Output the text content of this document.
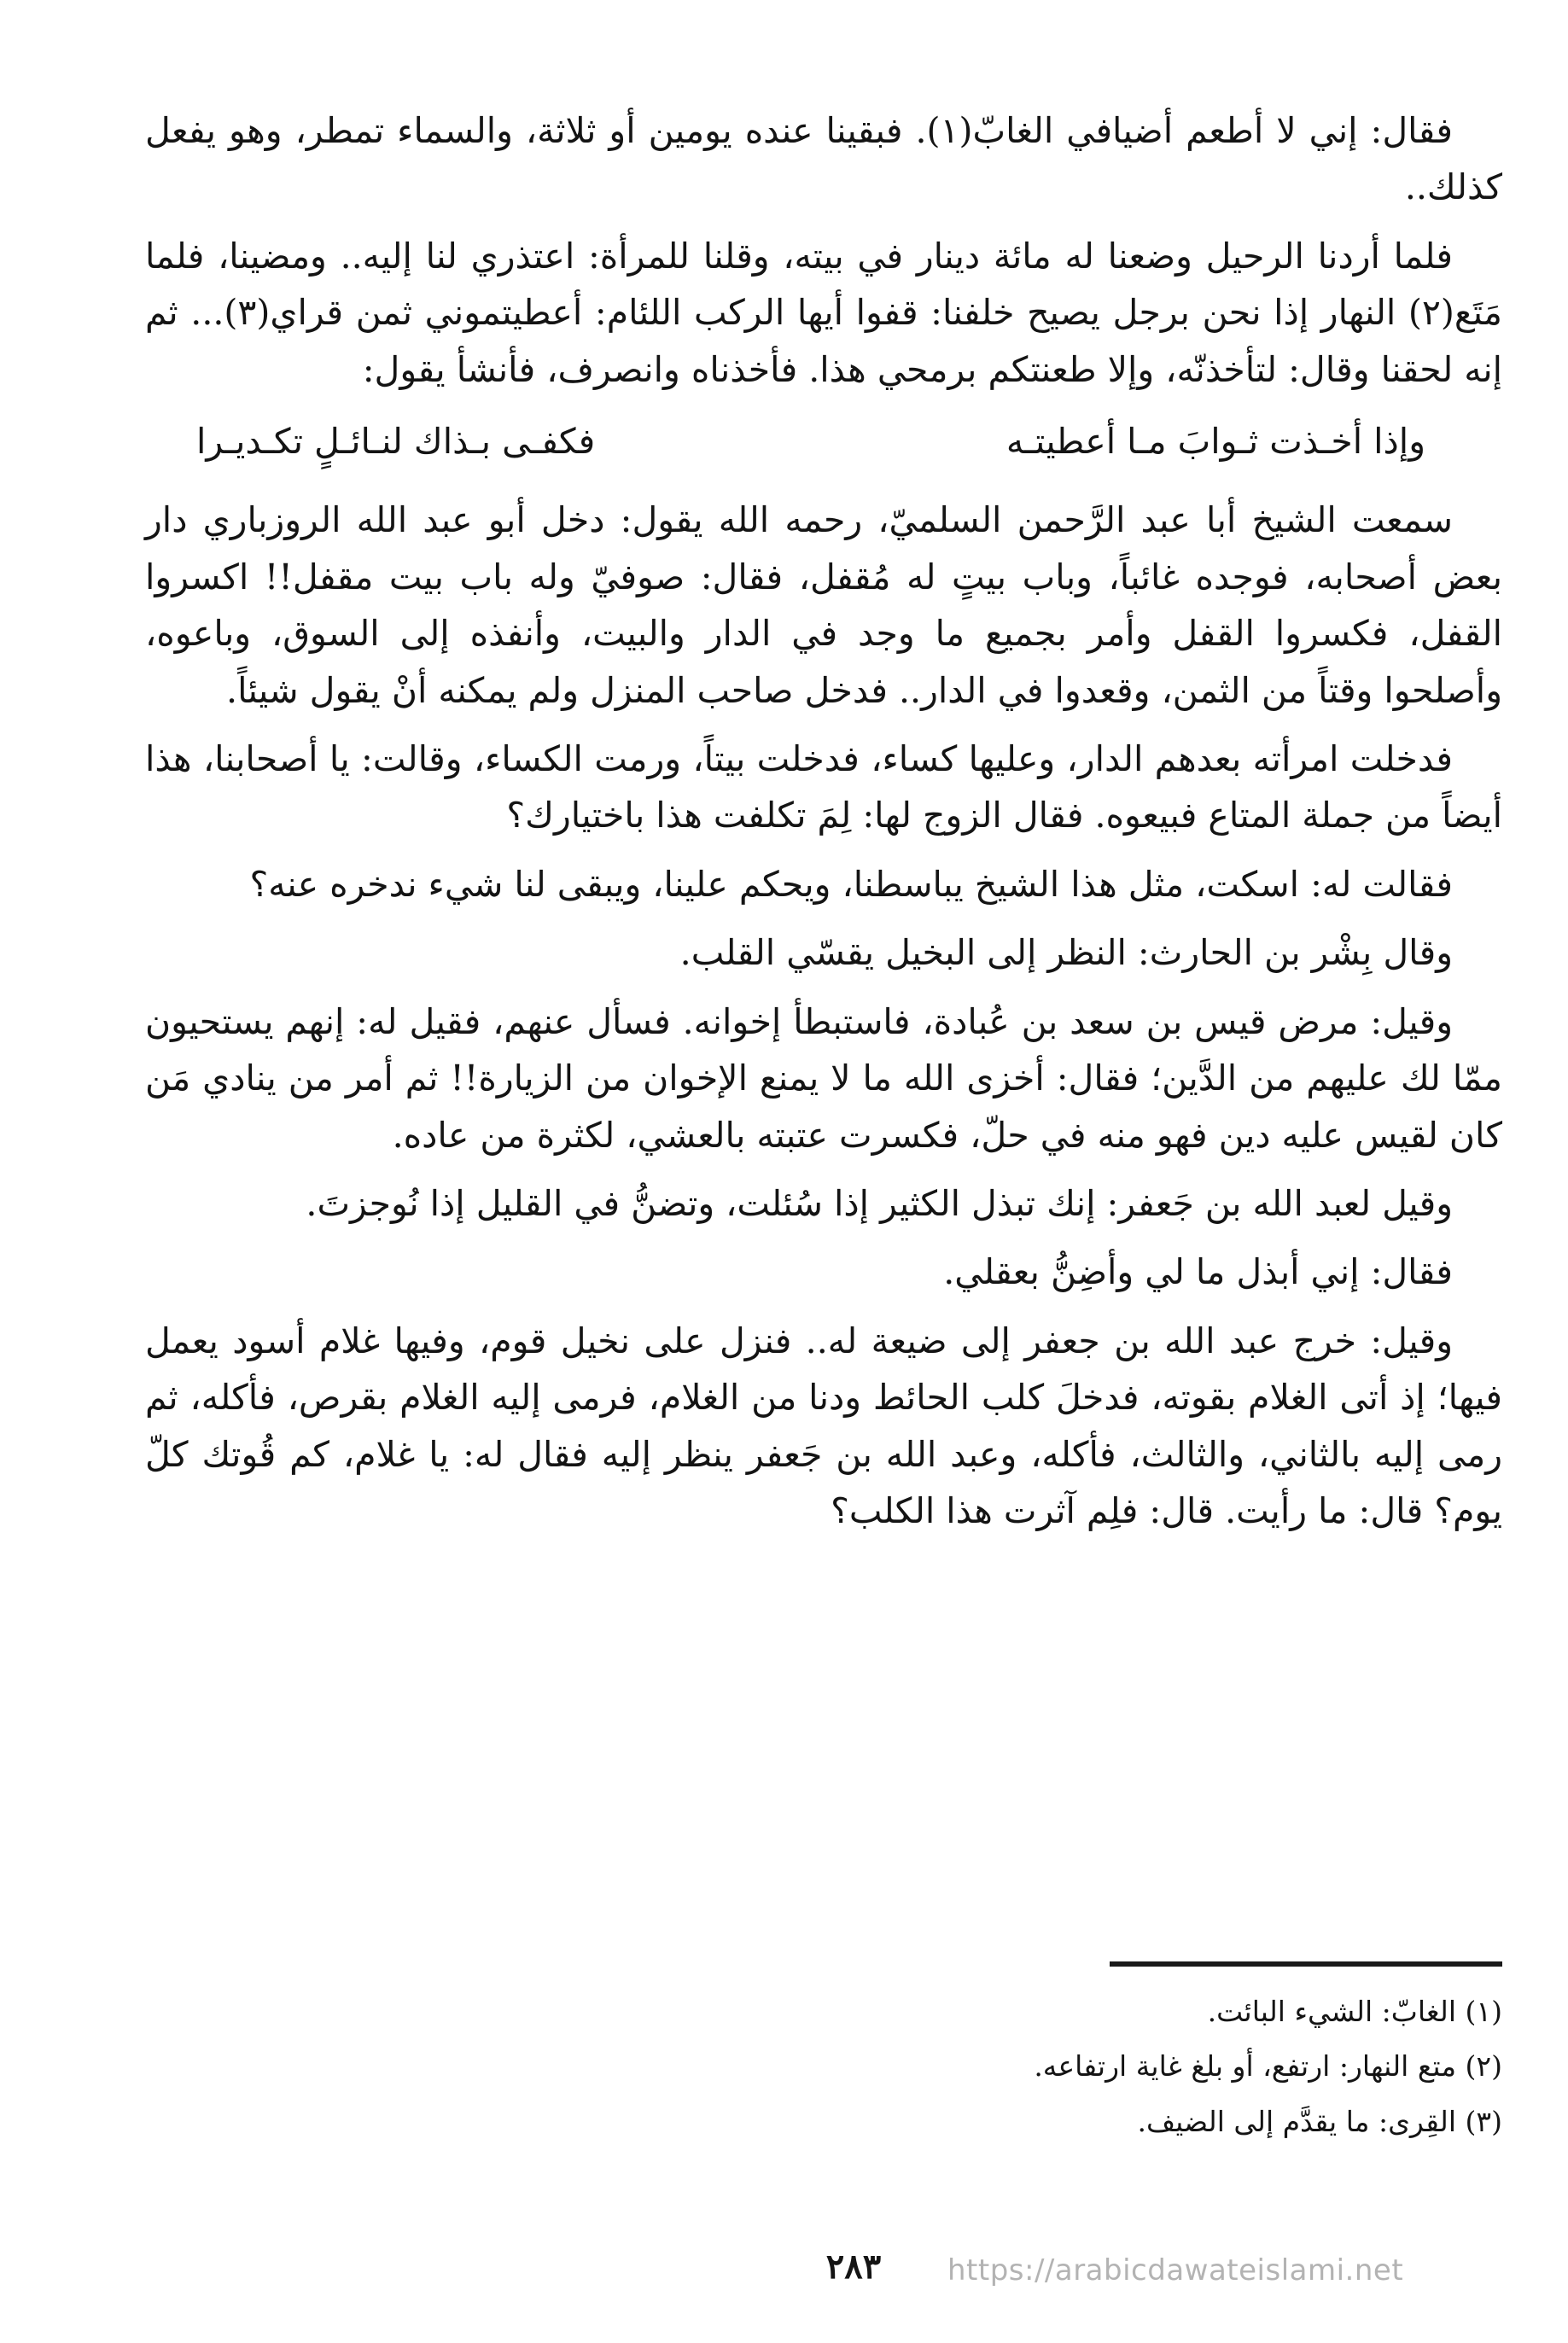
فقال: إني لا أطعم أضيافي الغابّ(١). فبقينا عنده يومين أو ثلاثة، والسماء تمطر، وهو يفعل كذلك..

فلما أردنا الرحيل وضعنا له مائة دينار في بيته، وقلنا للمرأة: اعتذري لنا إليه.. ومضينا، فلما مَتَع(٢) النهار إذا نحن برجل يصيح خلفنا: قفوا أيها الركب اللئام: أعطيتموني ثمن قراي(٣)... ثم إنه لحقنا وقال: لتأخذنّه، وإلا طعنتكم برمحي هذا. فأخذناه وانصرف، فأنشأ يقول:

وإذا أخـذت ثـوابَ مـا أعطيتـه
فكفـى بـذاك لنـائـلٍ تكـديـرا

سمعت الشيخ أبا عبد الرَّحمن السلميّ، رحمه الله يقول: دخل أبو عبد الله الروزباري دار بعض أصحابه، فوجده غائباً، وباب بيتٍ له مُقفل، فقال: صوفيّ وله باب بيت مقفل!! اكسروا القفل، فكسروا القفل وأمر بجميع ما وجد في الدار والبيت، وأنفذه إلى السوق، وباعوه، وأصلحوا وقتاً من الثمن، وقعدوا في الدار.. فدخل صاحب المنزل ولم يمكنه أنْ يقول شيئاً.

فدخلت امرأته بعدهم الدار، وعليها كساء، فدخلت بيتاً، ورمت الكساء، وقالت: يا أصحابنا، هذا أيضاً من جملة المتاع فبيعوه. فقال الزوج لها: لِمَ تكلفت هذا باختيارك؟

فقالت له: اسكت، مثل هذا الشيخ يباسطنا، ويحكم علينا، ويبقى لنا شيء ندخره عنه؟

وقال بِشْر بن الحارث: النظر إلى البخيل يقسّي القلب.

وقيل: مرض قيس بن سعد بن عُبادة، فاستبطأ إخوانه. فسأل عنهم، فقيل له: إنهم يستحيون ممّا لك عليهم من الدَّين؛ فقال: أخزى الله ما لا يمنع الإخوان من الزيارة!! ثم أمر من ينادي مَن كان لقيس عليه دين فهو منه في حلّ، فكسرت عتبته بالعشي، لكثرة من عاده.

وقيل لعبد الله بن جَعفر: إنك تبذل الكثير إذا سُئلت، وتضنُّ في القليل إذا نُوجزتَ.

فقال: إني أبذل ما لي وأضِنُّ بعقلي.

وقيل: خرج عبد الله بن جعفر إلى ضيعة له.. فنزل على نخيل قوم، وفيها غلام أسود يعمل فيها؛ إذ أتى الغلام بقوته، فدخلَ كلب الحائط ودنا من الغلام، فرمى إليه الغلام بقرص، فأكله، ثم رمى إليه بالثاني، والثالث، فأكله، وعبد الله بن جَعفر ينظر إليه فقال له: يا غلام، كم قُوتك كلّ يوم؟ قال: ما رأيت. قال: فلِم آثرت هذا الكلب؟

(١) الغابّ: الشيء البائت.
(٢) متع النهار: ارتفع، أو بلغ غاية ارتفاعه.
(٣) القِرى: ما يقدَّم إلى الضيف.
٢٨٣	https://arabicdawateislami.net
